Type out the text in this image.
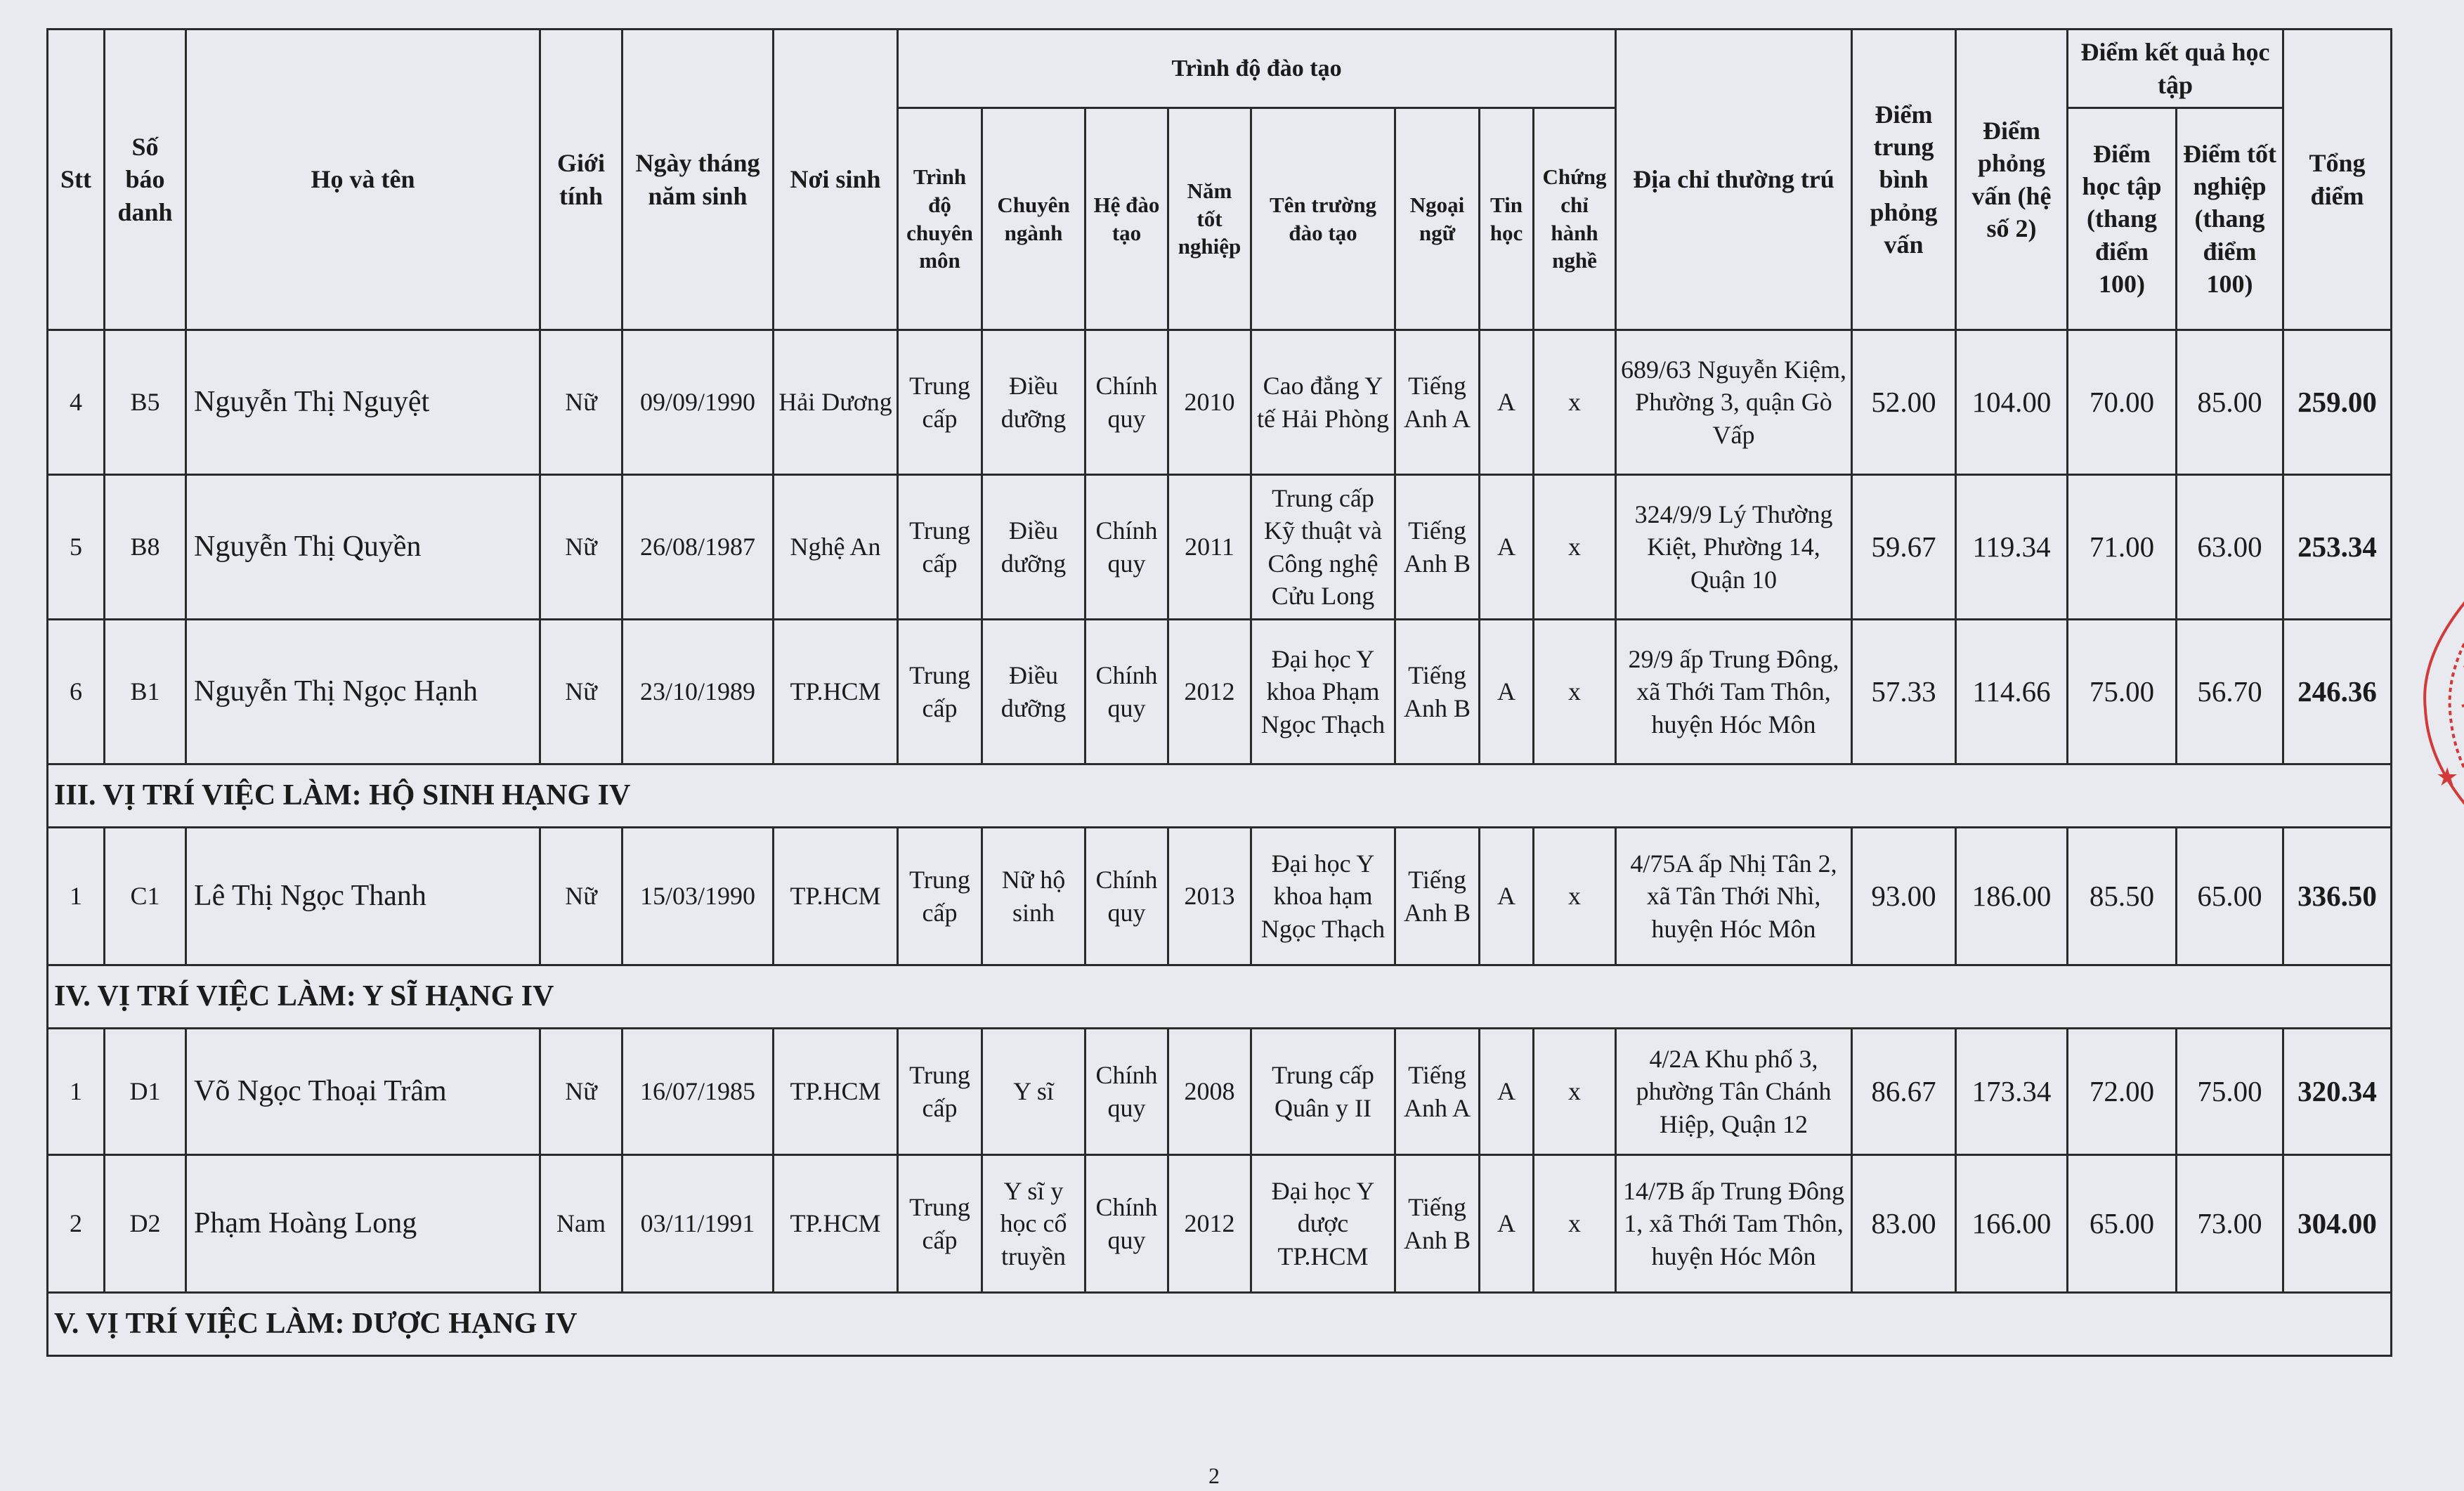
Stt	Số báo danh	Họ và tên	Giới tính	Ngày tháng năm sinh	Nơi sinh	Trình độ đào tạo								Địa chỉ thường trú	Điểm trung bình phỏng vấn	Điểm phỏng vấn (hệ số 2)	Điểm kết quả học tập		Tổng điểm
						Trình độ chuyên môn	Chuyên ngành	Hệ đào tạo	Năm tốt nghiệp	Tên trường đào tạo	Ngoại ngữ	Tin học	Chứng chỉ hành nghề				Điểm học tập (thang điểm 100)	Điểm tốt nghiệp (thang điểm 100)	
4	B5	Nguyễn Thị Nguyệt	Nữ	09/09/1990	Hải Dương	Trung cấp	Điều dưỡng	Chính quy	2010	Cao đẳng Y tế Hải Phòng	Tiếng Anh A	A	x	689/63 Nguyễn Kiệm, Phường 3, quận Gò Vấp	52.00	104.00	70.00	85.00	259.00
5	B8	Nguyễn Thị Quyền	Nữ	26/08/1987	Nghệ An	Trung cấp	Điều dưỡng	Chính quy	2011	Trung cấp Kỹ thuật và Công nghệ Cửu Long	Tiếng Anh B	A	x	324/9/9 Lý Thường Kiệt, Phường 14, Quận 10	59.67	119.34	71.00	63.00	253.34
6	B1	Nguyễn Thị Ngọc Hạnh	Nữ	23/10/1989	TP.HCM	Trung cấp	Điều dưỡng	Chính quy	2012	Đại học Y khoa Phạm Ngọc Thạch	Tiếng Anh B	A	x	29/9 ấp Trung Đông, xã Thới Tam Thôn, huyện Hóc Môn	57.33	114.66	75.00	56.70	246.36
III. VỊ TRÍ VIỆC LÀM: HỘ SINH HẠNG IV																			
1	C1	Lê Thị Ngọc Thanh	Nữ	15/03/1990	TP.HCM	Trung cấp	Nữ hộ sinh	Chính quy	2013	Đại học Y khoa hạm Ngọc Thạch	Tiếng Anh B	A	x	4/75A ấp Nhị Tân 2, xã Tân Thới Nhì, huyện Hóc Môn	93.00	186.00	85.50	65.00	336.50
IV. VỊ TRÍ VIỆC LÀM: Y SĨ HẠNG IV																			
1	D1	Võ Ngọc Thoại Trâm	Nữ	16/07/1985	TP.HCM	Trung cấp	Y sĩ	Chính quy	2008	Trung cấp Quân y II	Tiếng Anh A	A	x	4/2A Khu phố 3, phường Tân Chánh Hiệp, Quận 12	86.67	173.34	72.00	75.00	320.34
2	D2	Phạm Hoàng Long	Nam	03/11/1991	TP.HCM	Trung cấp	Y sĩ y học cổ truyền	Chính quy	2012	Đại học Y dược TP.HCM	Tiếng Anh B	A	x	14/7B ấp Trung Đông 1, xã Thới Tam Thôn, huyện Hóc Môn	83.00	166.00	65.00	73.00	304.00
V. VỊ TRÍ VIỆC LÀM: DƯỢC HẠNG IV																			
2
★
